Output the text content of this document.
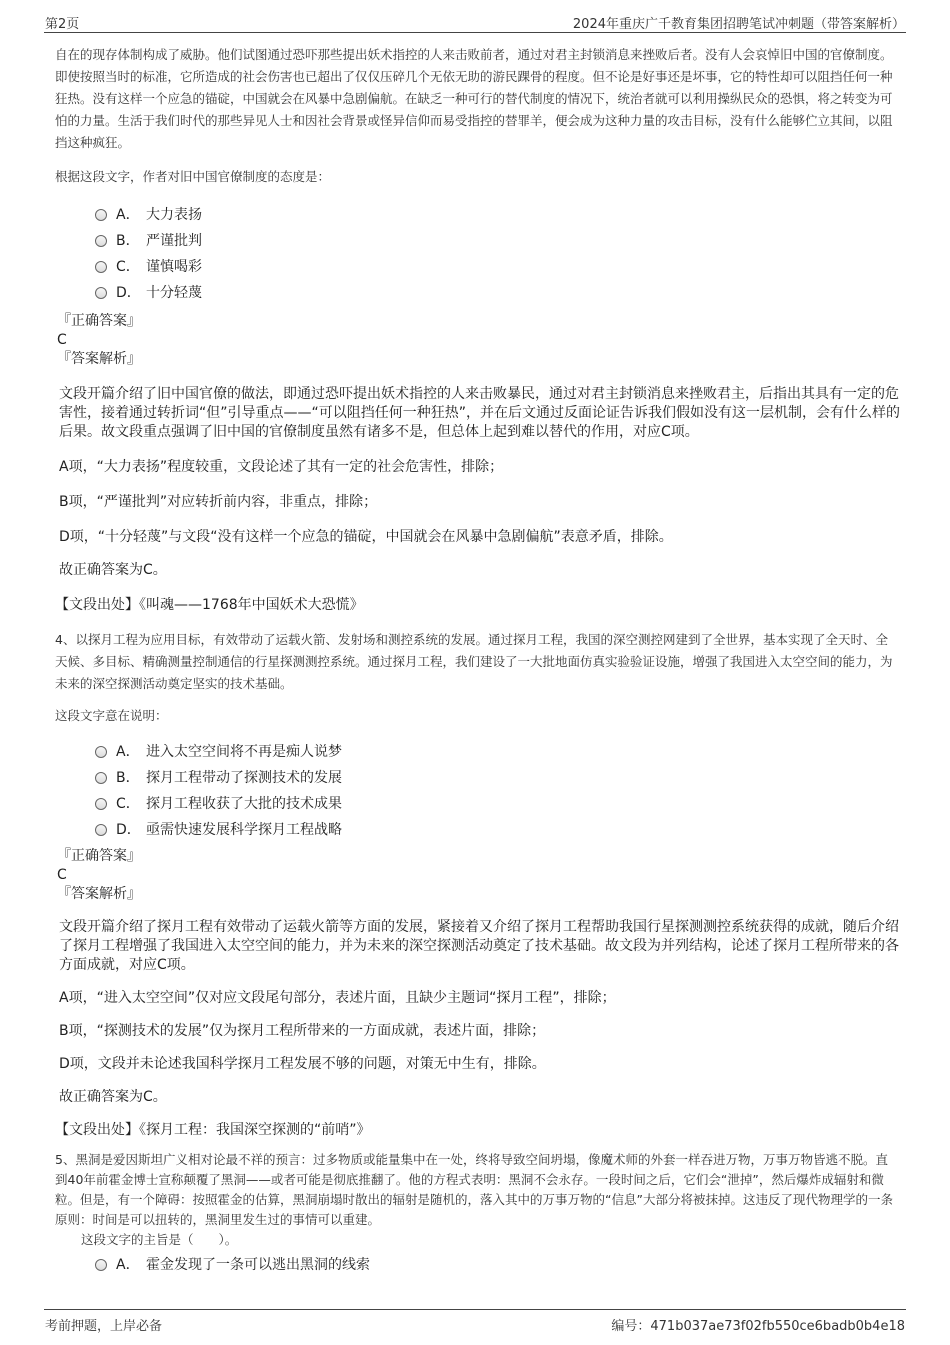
第2页	2024年重庆广千教育集团招聘笔试冲刺题（带答案解析）

自在的现存体制构成了威胁。他们试图通过恐吓那些提出妖术指控的人来击败前者，通过对君主封锁消息来挫败后者。没有人会哀悼旧中国的官僚制度。即使按照当时的标准，它所造成的社会伤害也已超出了仅仅压碎几个无依无助的游民踝骨的程度。但不论是好事还是坏事，它的特性却可以阻挡任何一种狂热。没有这样一个应急的锚碇，中国就会在风暴中急剧偏航。在缺乏一种可行的替代制度的情况下，统治者就可以利用操纵民众的恐惧，将之转变为可怕的力量。生活于我们时代的那些异见人士和因社会背景或怪异信仰而易受指控的替罪羊，便会成为这种力量的攻击目标，没有什么能够伫立其间，以阻挡这种疯狂。

根据这段文字，作者对旧中国官僚制度的态度是：

A． 大力表扬
B． 严谨批判
C． 谨慎喝彩
D． 十分轻蔑

『正确答案』

C

『答案解析』

文段开篇介绍了旧中国官僚的做法，即通过恐吓提出妖术指控的人来击败暴民，通过对君主封锁消息来挫败君主，后指出其具有一定的危害性，接着通过转折词“但”引导重点——“可以阻挡任何一种狂热”，并在后文通过反面论证告诉我们假如没有这一层机制，会有什么样的后果。故文段重点强调了旧中国的官僚制度虽然有诸多不是，但总体上起到难以替代的作用，对应C项。

A项，“大力表扬”程度较重，文段论述了其有一定的社会危害性，排除；

B项，“严谨批判”对应转折前内容，非重点，排除；

D项，“十分轻蔑”与文段“没有这样一个应急的锚碇，中国就会在风暴中急剧偏航”表意矛盾，排除。

故正确答案为C。

【文段出处】《叫魂——1768年中国妖术大恐慌》

4、以探月工程为应用目标，有效带动了运载火箭、发射场和测控系统的发展。通过探月工程，我国的深空测控网建到了全世界，基本实现了全天时、全天候、多目标、精确测量控制通信的行星探测测控系统。通过探月工程，我们建设了一大批地面仿真实验验证设施，增强了我国进入太空空间的能力，为未来的深空探测活动奠定坚实的技术基础。

这段文字意在说明：

A． 进入太空空间将不再是痴人说梦
B． 探月工程带动了探测技术的发展
C． 探月工程收获了大批的技术成果
D． 亟需快速发展科学探月工程战略

『正确答案』

C

『答案解析』

文段开篇介绍了探月工程有效带动了运载火箭等方面的发展，紧接着又介绍了探月工程帮助我国行星探测测控系统获得的成就，随后介绍了探月工程增强了我国进入太空空间的能力，并为未来的深空探测活动奠定了技术基础。故文段为并列结构，论述了探月工程所带来的各方面成就，对应C项。

A项，“进入太空空间”仅对应文段尾句部分，表述片面，且缺少主题词“探月工程”，排除；

B项，“探测技术的发展”仅为探月工程所带来的一方面成就，表述片面，排除；

D项，文段并未论述我国科学探月工程发展不够的问题，对策无中生有，排除。

故正确答案为C。

【文段出处】《探月工程：我国深空探测的“前哨”》

5、黑洞是爱因斯坦广义相对论最不祥的预言：过多物质或能量集中在一处，终将导致空间坍塌，像魔术师的外套一样吞进万物，万事万物皆逃不脱。直到40年前霍金博士宣称颠覆了黑洞——或者可能是彻底推翻了。他的方程式表明：黑洞不会永存。一段时间之后，它们会“泄掉”，然后爆炸成辐射和微粒。但是，有一个障碍：按照霍金的估算，黑洞崩塌时散出的辐射是随机的，落入其中的万事万物的“信息”大部分将被抹掉。这违反了现代物理学的一条原则：时间是可以扭转的，黑洞里发生过的事情可以重建。

这段文字的主旨是（　　）。

A． 霍金发现了一条可以逃出黑洞的线索
考前押题，上岸必备	编号：471b037ae73f02fb550ce6badb0b4e18
